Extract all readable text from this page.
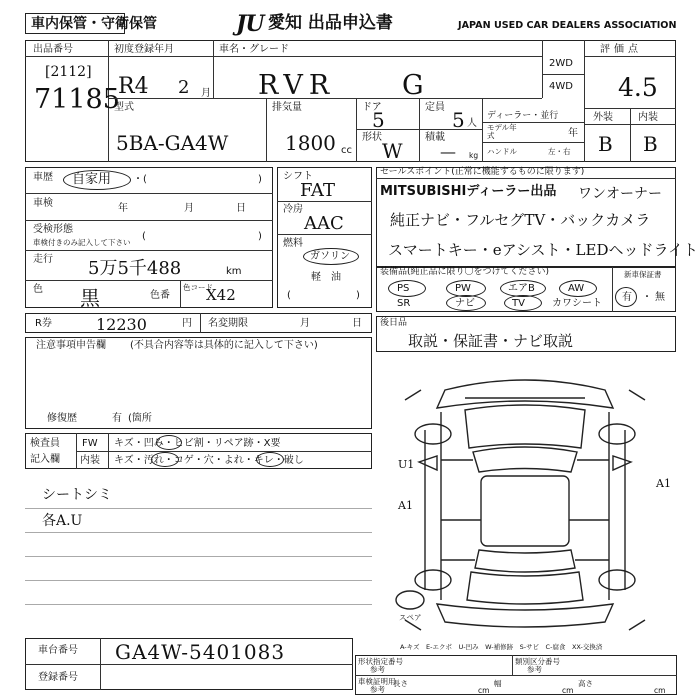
車内保管・守衛保管	JU 愛知 出品申込書	JAPAN USED CAR DEALERS ASSOCIATION
出品番号
[2112]
71185
初度登録年月
R4 2 月
車名・グレード
RVR G
2WD
4WD
評価点
4.5
型式
5BA-GA4W
排気量
1800 cc
ドア
5
定員
5 人
形状
W
積載
— kg
ディーラー・並行
モデル年式	年
ハンドル	左・右
外装	内装
B B
車歴 自家用 ・(	)
車検	年	月	日
受検形態
車検付きのみ記入して下さい
(	)
走行 5万5千488	km
色 黒	色番
色コード
X42
シフト
FAT
冷房
AAC
燃料
ガソリン
軽　油
(	)
セールスポイント(正常に機能するものに限ります)
MITSUBISHIディーラー出品 ワンオーナー
純正ナビ・フルセグTV・バックカメラ
スマートキー・eアシスト・LEDヘッドライト
装備品(純正品に限り〇をつけてください)
PS	PW	エアB	AW
SR	ナビ	TV	カワシート
新車保証書
有 ・ 無
R券	12230	円 名変期限	月	日 後日品
取説・保証書・ナビ取説
注意事項申告欄 (不具合内容等は具体的に記入して下さい)
修復歴	有 (箇所
検査員
記入欄
FW キズ・凹み・ヒビ割・リペア跡・X要
内装 キズ・汚れ・コゲ・穴・よれ・キレ・破し
シートシミ
各A.U
U1
A1
A1
スペア
A-キズ　E-エクボ　U-凹み　W-補修跡　S-サビ　C-腐食　XX-交換済
車台番号 GA4W-5401083
登録番号
形状指定番号
参考
類別区分番号
参考
車検証明用
参考
長さ
cm
幅
cm
高さ
cm
